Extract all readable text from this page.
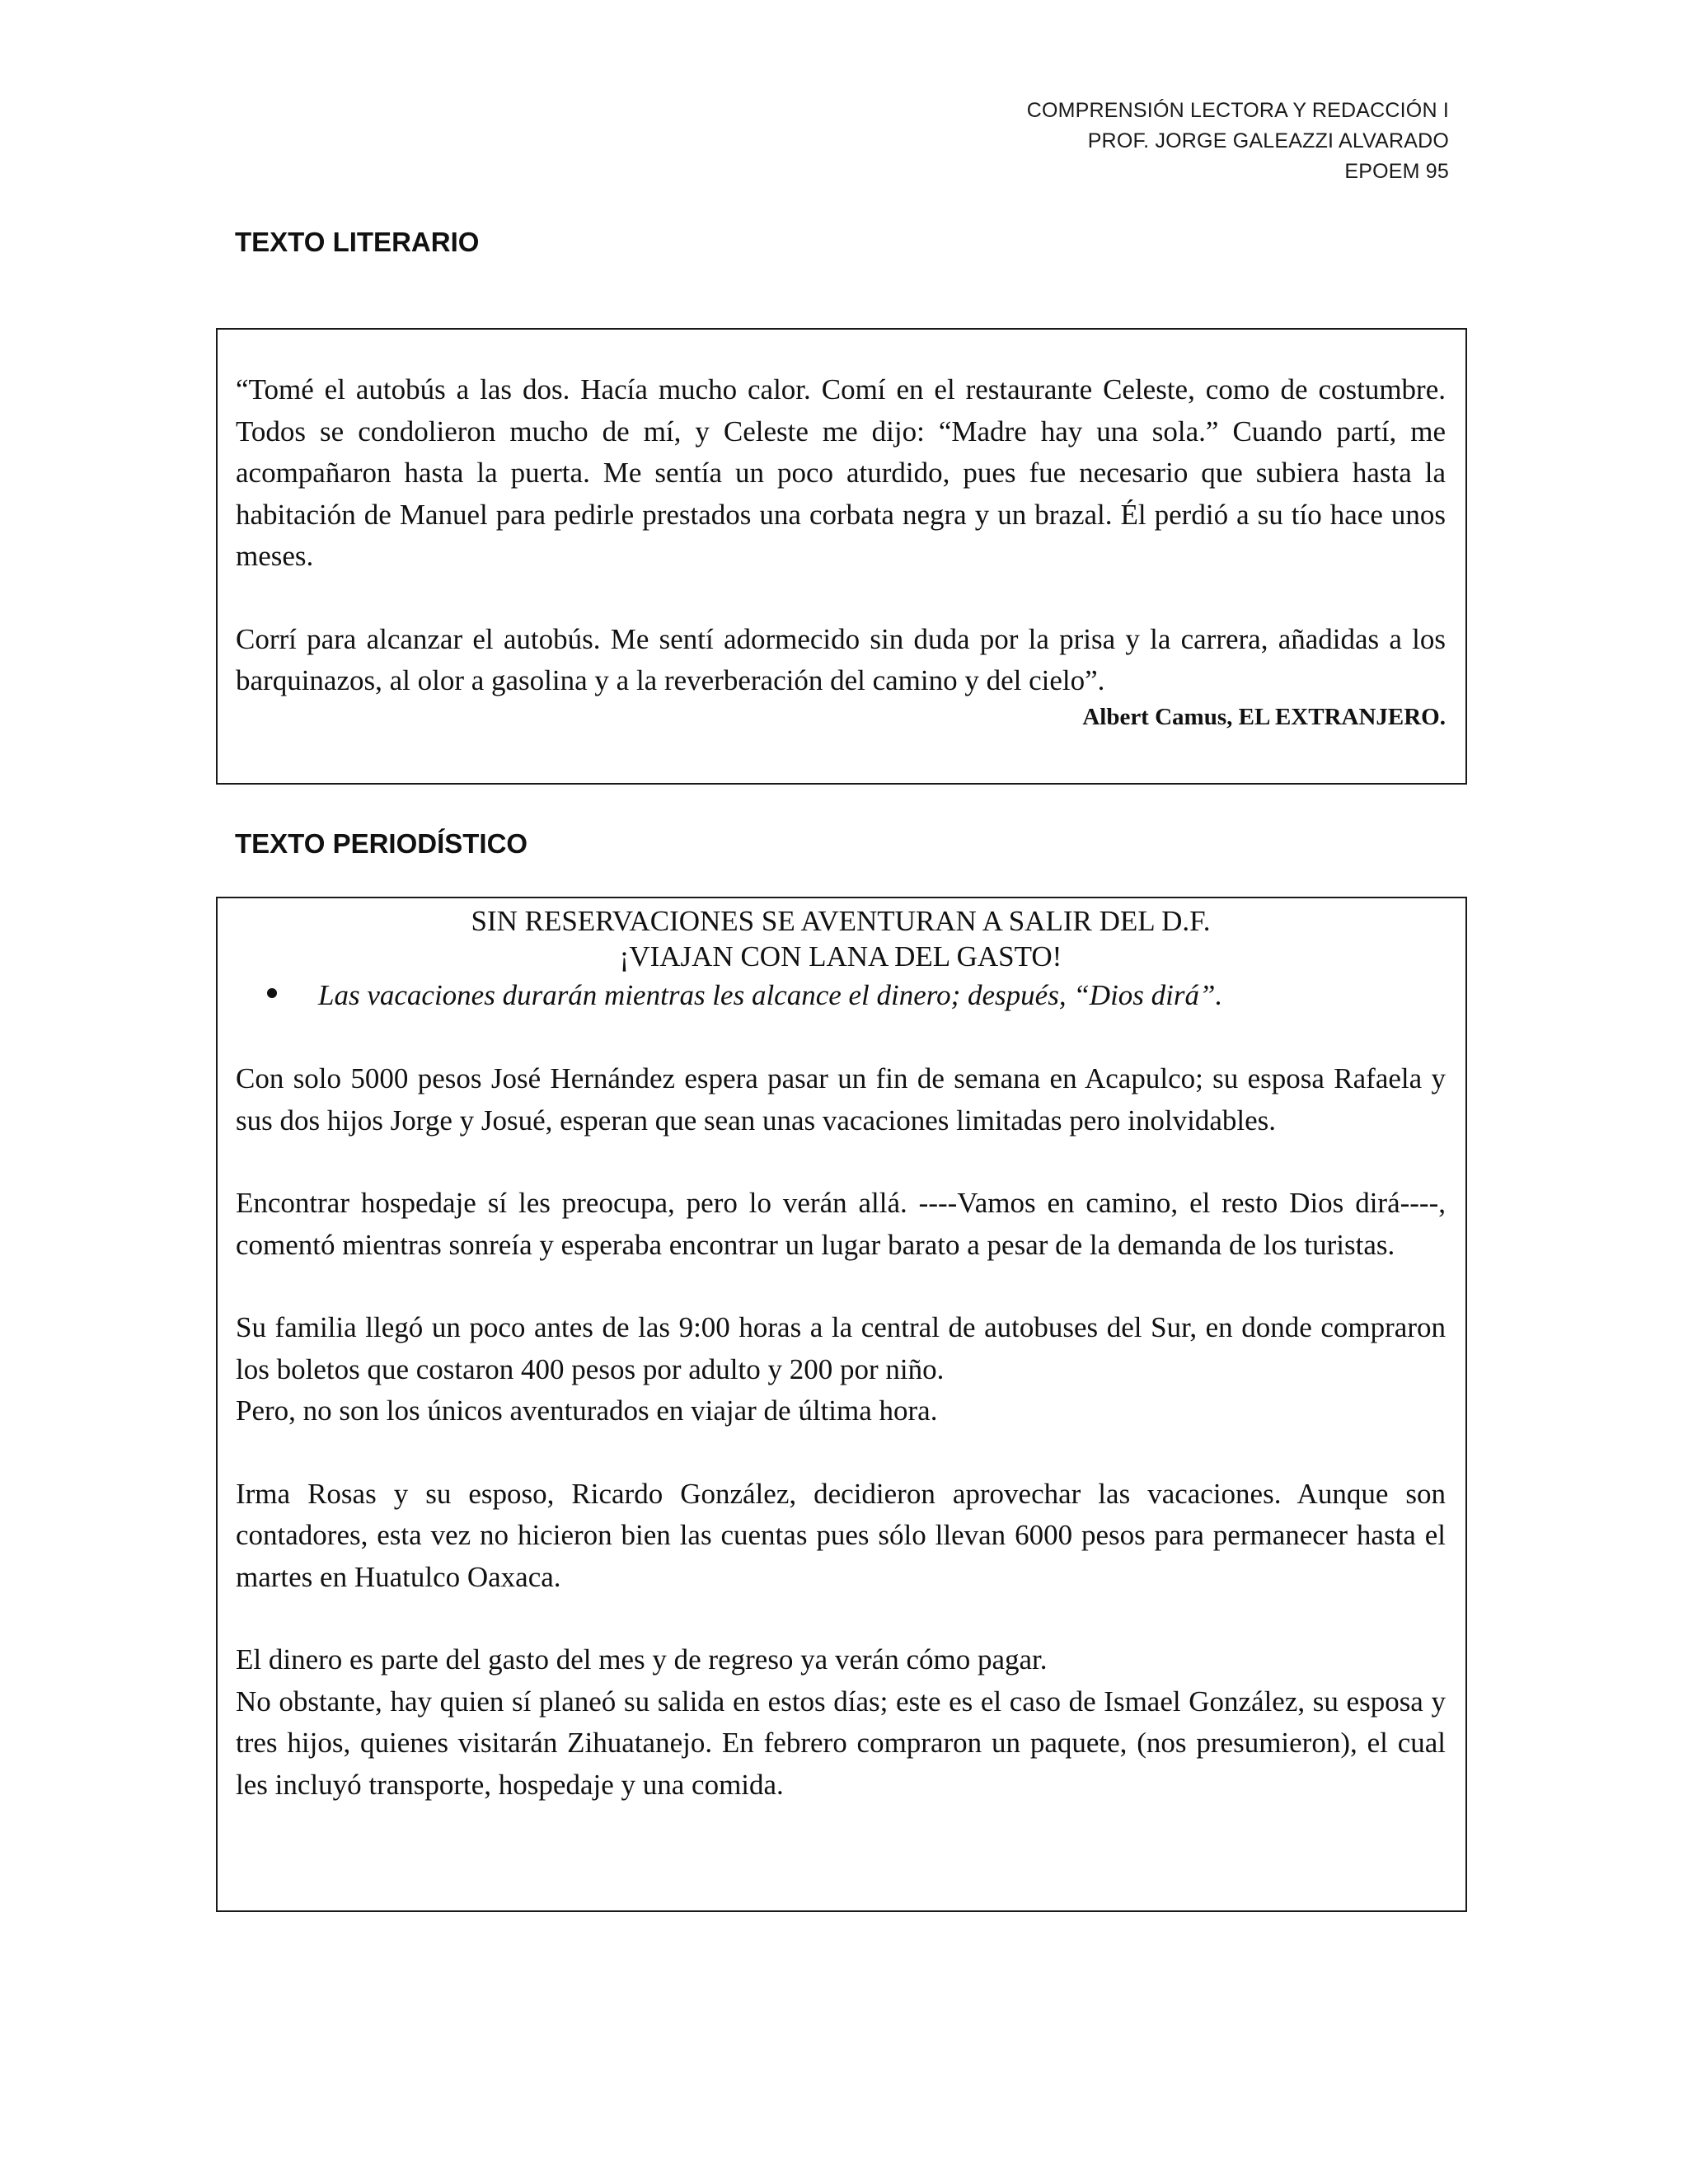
COMPRENSIÓN LECTORA Y REDACCIÓN I
PROF. JORGE GALEAZZI ALVARADO
EPOEM 95
TEXTO LITERARIO

“Tomé el autobús a las dos. Hacía mucho calor. Comí en el restaurante Celeste, como de costumbre. Todos se condolieron mucho de mí, y Celeste me dijo: “Madre hay una sola.” Cuando partí, me acompañaron hasta la puerta. Me sentía un poco aturdido, pues fue necesario que subiera hasta la habitación de Manuel para pedirle prestados una corbata negra y un brazal. Él perdió a su tío hace unos meses.

Corrí para alcanzar el autobús. Me sentí adormecido sin duda por la prisa y la carrera, añadidas a los barquinazos, al olor a gasolina y a la reverberación del camino y del cielo”.

Albert Camus, EL EXTRANJERO.
TEXTO PERIODÍSTICO

SIN RESERVACIONES SE AVENTURAN A SALIR DEL D.F.

¡VIAJAN CON LANA DEL GASTO!

Las vacaciones durarán mientras les alcance el dinero; después, “Dios dirá”.

Con solo 5000 pesos José Hernández espera pasar un fin de semana en Acapulco; su esposa Rafaela y sus dos hijos Jorge y Josué, esperan que sean unas vacaciones limitadas pero inolvidables.

Encontrar hospedaje sí les preocupa, pero lo verán allá. ----Vamos en camino, el resto Dios dirá----, comentó mientras sonreía y esperaba encontrar un lugar barato a pesar de la demanda de los turistas.

Su familia llegó un poco antes de las 9:00 horas a la central de autobuses del Sur, en donde compraron los boletos que costaron 400 pesos por adulto y 200 por niño.

Pero, no son los únicos aventurados en viajar de última hora.

Irma Rosas y su esposo, Ricardo González, decidieron aprovechar las vacaciones. Aunque son contadores, esta vez no hicieron bien las cuentas pues sólo llevan 6000 pesos para permanecer hasta el martes en Huatulco Oaxaca.

El dinero es parte del gasto del mes y de regreso ya verán cómo pagar.

No obstante, hay quien sí planeó su salida en estos días; este es el caso de Ismael González, su esposa y tres hijos, quienes visitarán Zihuatanejo. En febrero compraron un paquete, (nos presumieron), el cual les incluyó transporte, hospedaje y una comida.
